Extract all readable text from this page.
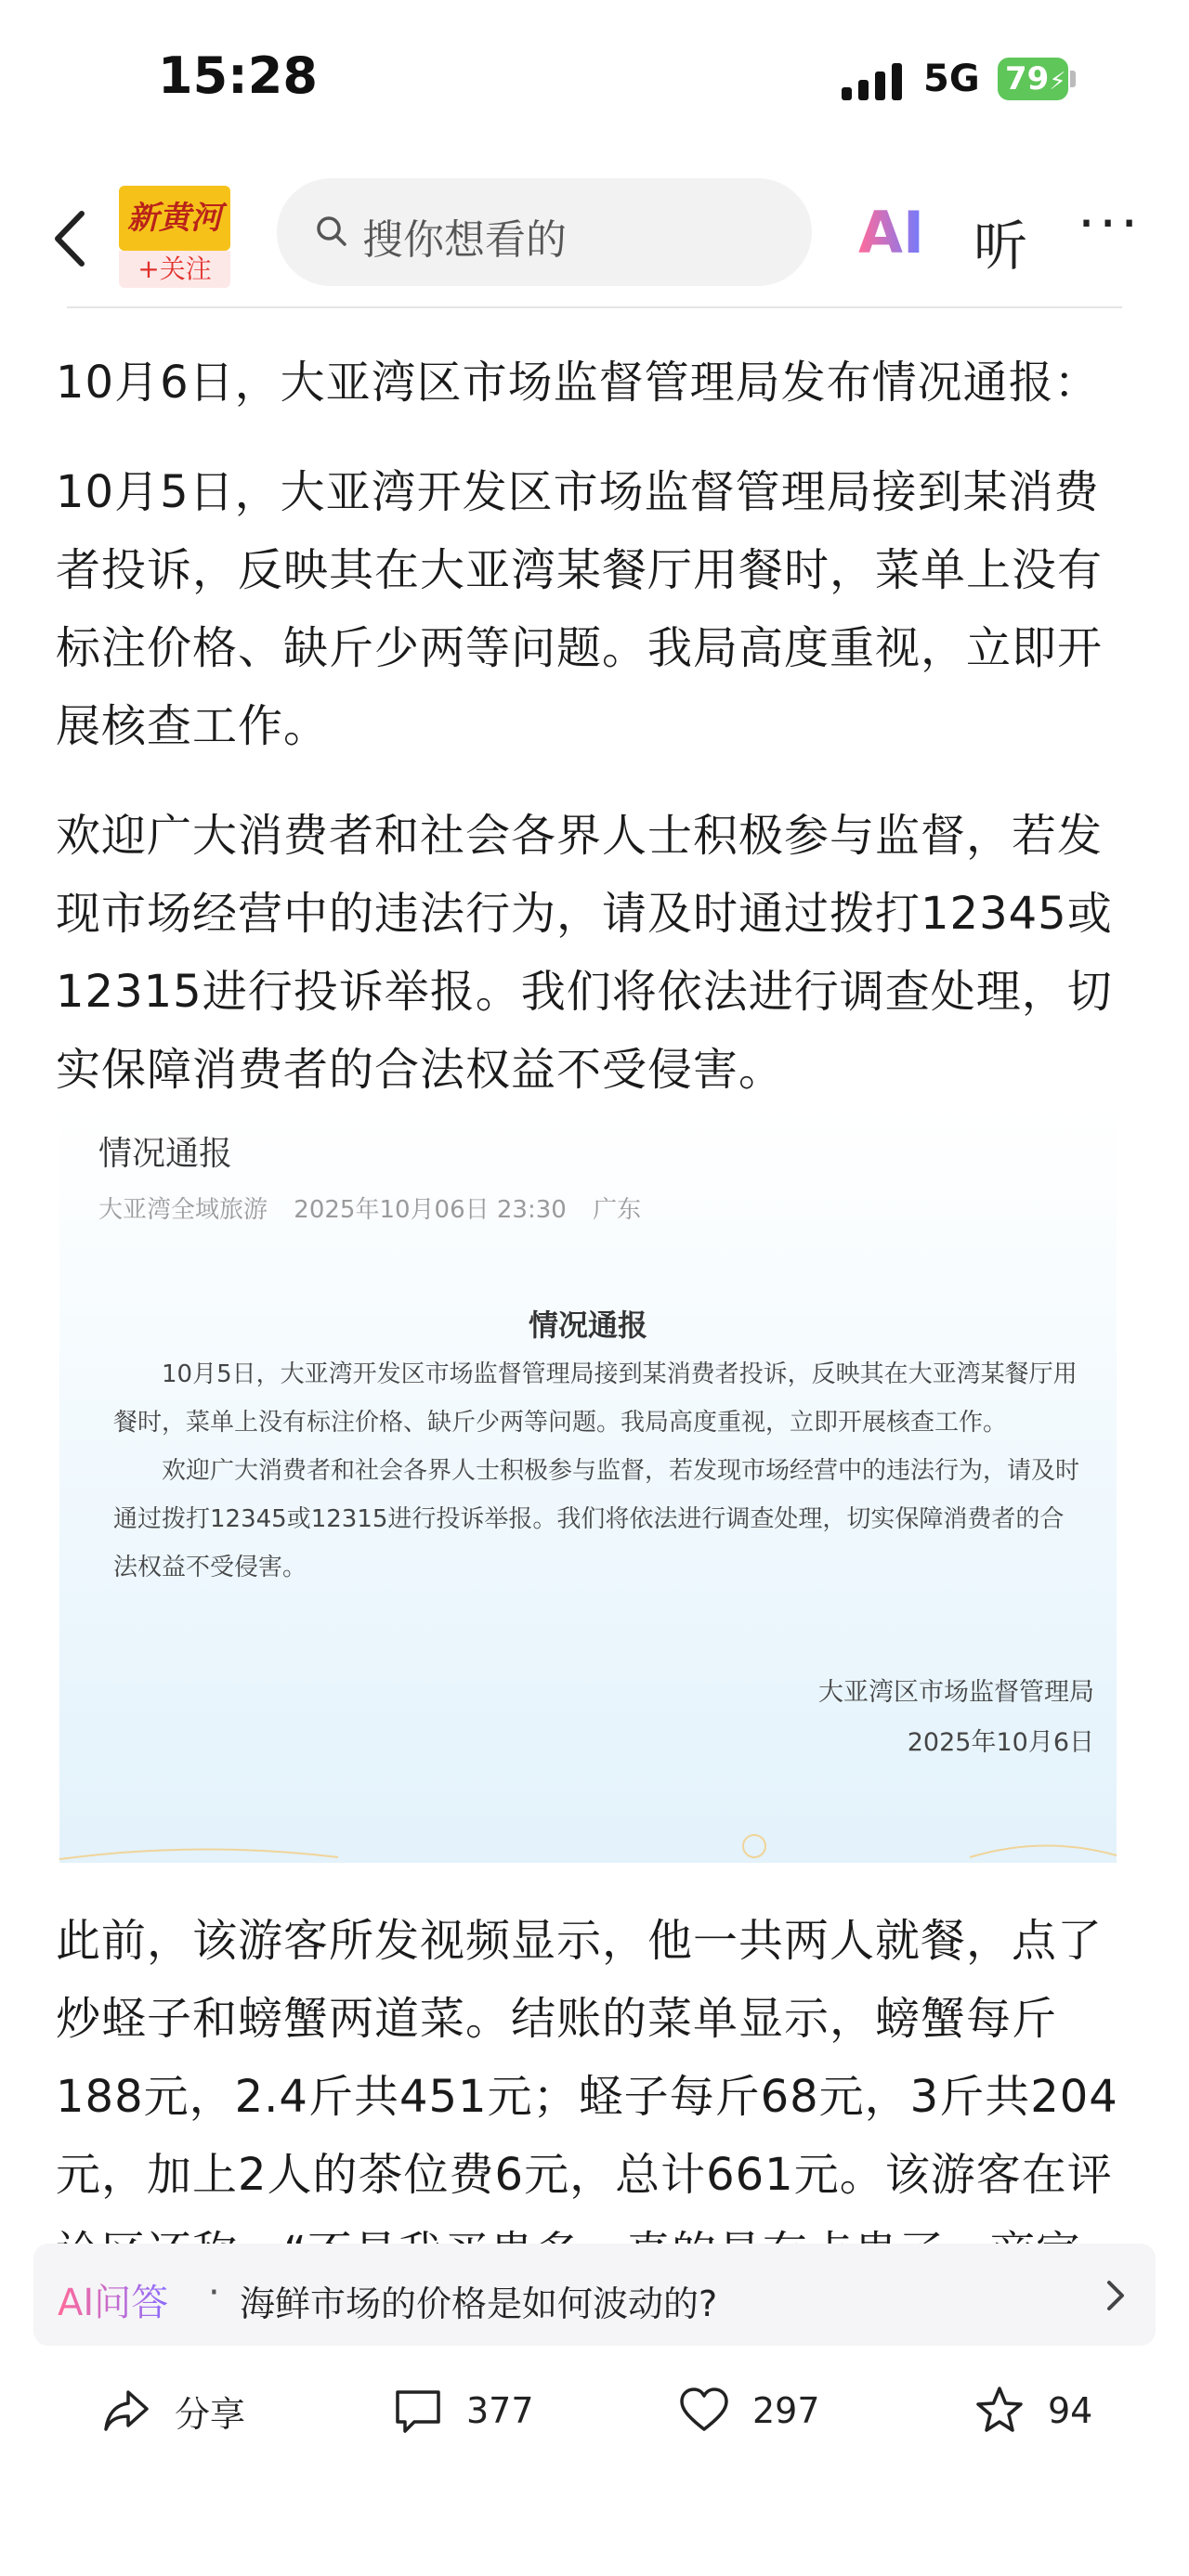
15:28	5G 79⚡
新黄河
+关注
搜你想看的	AI 听 ···

10月6日，大亚湾区市场监督管理局发布情况通报：

10月5日，大亚湾开发区市场监督管理局接到某消费者投诉，反映其在大亚湾某餐厅用餐时，菜单上没有标注价格、缺斤少两等问题。我局高度重视，立即开展核查工作。

欢迎广大消费者和社会各界人士积极参与监督，若发现市场经营中的违法行为，请及时通过拨打12345或12315进行投诉举报。我们将依法进行调查处理，切实保障消费者的合法权益不受侵害。

情况通报
大亚湾全域旅游 2025年10月06日 23:30 广东
情况通报
10月5日，大亚湾开发区市场监督管理局接到某消费者投诉，反映其在大亚湾某餐厅用餐时，菜单上没有标注价格、缺斤少两等问题。我局高度重视，立即开展核查工作。
欢迎广大消费者和社会各界人士积极参与监督，若发现市场经营中的违法行为，请及时通过拨打12345或12315进行投诉举报。我们将依法进行调查处理，切实保障消费者的合法权益不受侵害。
大亚湾区市场监督管理局
2025年10月6日

此前，该游客所发视频显示，他一共两人就餐，点了炒蛏子和螃蟹两道菜。结账的菜单显示，螃蟹每斤188元，2.4斤共451元；蛏子每斤68元，3斤共204元，加上2人的茶位费6元，总计661元。该游客在评

AI问答 · 海鲜市场的价格是如何波动的?
分享	377	297	94
